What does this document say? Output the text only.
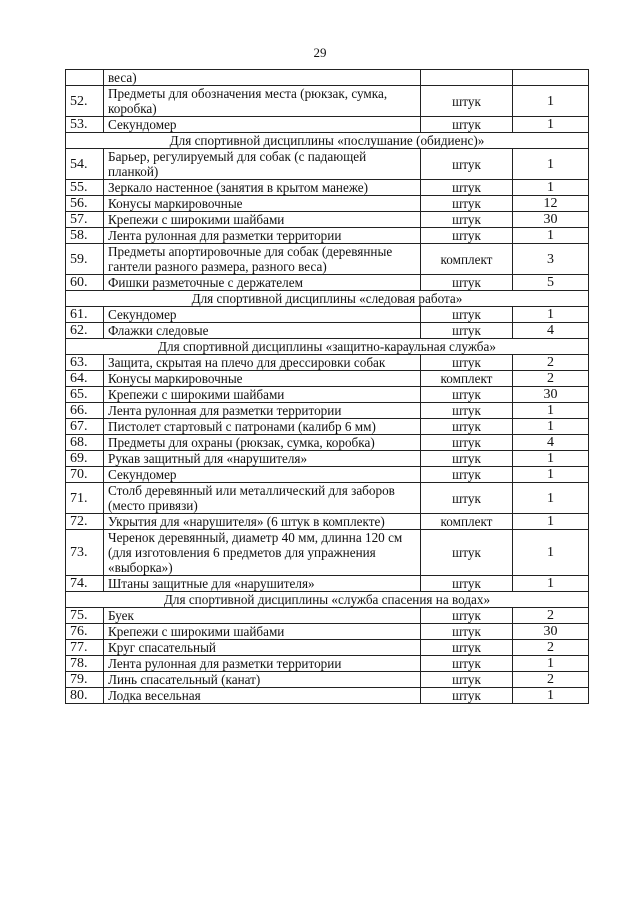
29
	веса)		
52.	Предметы для обозначения места (рюкзак, сумка, коробка)	штук	1
53.	Секундомер	штук	1
Для спортивной дисциплины «послушание (обидиенс)»			
54.	Барьер, регулируемый для собак (с падающей планкой)	штук	1
55.	Зеркало настенное (занятия в крытом манеже)	штук	1
56.	Конусы маркировочные	штук	12
57.	Крепежи с широкими шайбами	штук	30
58.	Лента рулонная для разметки территории	штук	1
59.	Предметы апортировочные для собак (деревянные гантели разного размера, разного веса)	комплект	3
60.	Фишки разметочные с держателем	штук	5
Для спортивной дисциплины «следовая работа»			
61.	Секундомер	штук	1
62.	Флажки следовые	штук	4
Для спортивной дисциплины «защитно-караульная служба»			
63.	Защита, скрытая на плечо для дрессировки собак	штук	2
64.	Конусы маркировочные	комплект	2
65.	Крепежи с широкими шайбами	штук	30
66.	Лента рулонная для разметки территории	штук	1
67.	Пистолет стартовый с патронами (калибр 6 мм)	штук	1
68.	Предметы для охраны (рюкзак, сумка, коробка)	штук	4
69.	Рукав защитный для «нарушителя»	штук	1
70.	Секундомер	штук	1
71.	Столб деревянный или металлический для заборов (место привязи)	штук	1
72.	Укрытия для «нарушителя» (6 штук в комплекте)	комплект	1
73.	Черенок деревянный, диаметр 40 мм, длинна 120 см (для изготовления 6 предметов для упражнения «выборка»)	штук	1
74.	Штаны защитные для «нарушителя»	штук	1
Для спортивной дисциплины «служба спасения на водах»			
75.	Буек	штук	2
76.	Крепежи с широкими шайбами	штук	30
77.	Круг спасательный	штук	2
78.	Лента рулонная для разметки территории	штук	1
79.	Линь спасательный (канат)	штук	2
80.	Лодка весельная	штук	1
